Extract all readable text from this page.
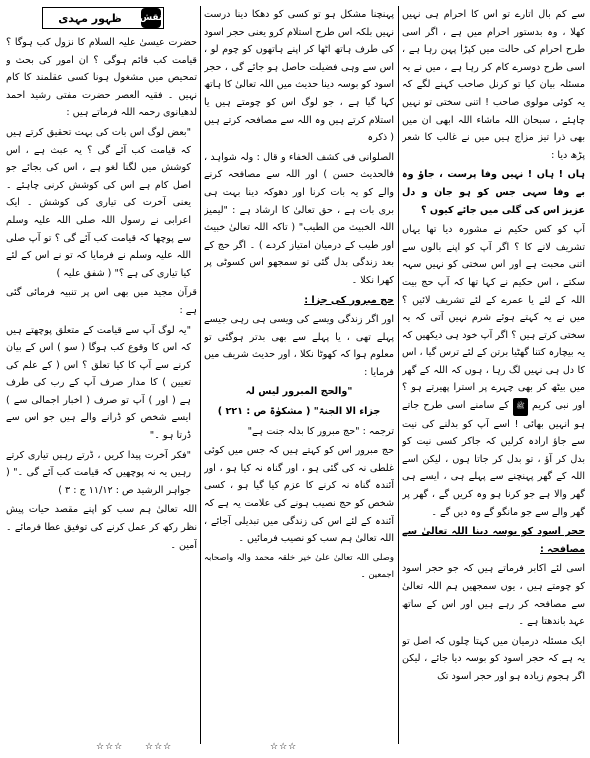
سے کم بال اتارے تو اس کا احرام ہی نہیں کھلا ، وہ بدستور احرام میں ہے ، اگر اسی طرح احرام کی حالت میں کپڑا پہن رہا ہے ، اسی طرح دوسرے کام کر رہا ہے ، میں نے یہ مسئلہ بیان کیا تو کرنل صاحب کہنے لگے کہ یہ کوئی مولوی صاحب ! اتنی سختی تو نہیں چاہئے ، سبحان اللہ ماشاء اللہ ابھی ان میں بھی ذرا تیز مزاج ہیں میں نے غالب کا شعر پڑھ دیا :

ہاں ! ہاں ! نہیں وفا پرست ، جاؤ وہ بے وفا سہی جس کو ہو جان و دل عزیز اس کی گلی میں جائے کیوں ؟

آپ کو کس حکیم نے مشورہ دیا تھا یہاں تشریف لانے کا ؟ اگر آپ کو اپنے بالوں سے اتنی محبت ہے اور اس سختی کو نہیں سہہ سکتے ، اس حکیم نے کہا تھا کہ آپ حج بیت اللہ کے لئے یا عمرے کے لئے تشریف لائیں ؟ میں نے یہ کہتے ہوئے شرم نہیں آتی کہ یہ سختی کرتے ہیں ؟ اگر آپ خود ہی دیکھیں کہ یہ بیچارہ کتنا گھٹیا برتن کے لئے ترس گیا ، اس کا دل ہی نہیں لگ رہا ، ہوں کہ اللہ کے گھر میں بیٹھ کر بھی چہرے پر استرا پھیرتے ہو ؟ اور نبی کریم ﷺ کے سامنے اسی طرح جاتے ہو انہیں بھائی ! اسے آپ کو بدلنے کی نیت سے جاؤ ارادہ کرلیں کہ جاکر کسی نیت کو بدل کر آؤ ، تو بدل کر جاتا ہوں ، لیکن اسے اللہ کے گھر پہنچنے سے پہلے ہی ، ایسے ہی گھر والا ہے جو کرنا ہو وہ کریں گے ، گھر پر گھر والے سے جو مانگو گے وہ دیں گے ۔

حجر اسود کو بوسہ دینا اللہ تعالیٰ سے مصافحہ :

اسی لئے اکابر فرماتے ہیں کہ جو حجر اسود کو چومتے ہیں ، یوں سمجھیں ہم اللہ تعالیٰ سے مصافحہ کر رہے ہیں اور اس کے ساتھ عہد باندھتا ہے ۔

ایک مسئلہ درمیان میں کہتا چلوں کہ اصل تو یہ ہے کہ حجر اسود کو بوسہ دیا جائے ، لیکن اگر ہجوم زیادہ ہو اور حجر اسود تک

پہنچنا مشکل ہو تو کسی کو دھکا دینا درست نہیں بلکہ اس طرح استلام کرو یعنی حجر اسود کی طرف ہاتھ اٹھا کر اپنے ہاتھوں کو چوم لو ، اس سے وہی فضیلت حاصل ہو جائے گی ، حجر اسود کو بوسہ دینا حدیث میں اللہ تعالیٰ کا ہاتھ کہا گیا ہے ، جو لوگ اس کو چومتے ہیں یا استلام کرتے ہیں وہ اللہ سے مصافحہ کرتے ہیں ( ذکرہ

الصلوانی فی کشف الخفاء و قال : ولہ شواہد ، فالحدیث حسن ) اور اللہ سے مصافحہ کرنے والے کو یہ بات کرنا اور دھوکہ دینا بہت ہی بری بات ہے ، حق تعالیٰ کا ارشاد ہے : "لیمیز اللہ الخبیث من الطیب" ( تاکہ اللہ تعالیٰ خبیث اور طیب کے درمیان امتیاز کردے ) ۔ اگر حج کے بعد زندگی بدل گئی تو سمجھو اس کسوٹی پر کھرا نکلا ۔

حج مبرور کی جزا :

اور اگر زندگی ویسے کی ویسی ہی رہی جیسے پہلے تھی ، یا پہلے سے بھی بدتر ہوگئی تو معلوم ہوا کہ کھوٹا نکلا ، اور حدیث شریف میں فرمایا :

"والحج المبرور لیس لہ

جزاء الا الجنۃ" ( مشکوٰۃ ص : ۲۲۱ )

ترجمہ : "حج مبرور کا بدلہ جنت ہے"

حج مبرور اس کو کہتے ہیں کہ جس میں کوئی غلطی نہ کی گئی ہو ، اور گناہ نہ کیا ہو ، اور آئندہ گناہ نہ کرنے کا عزم کیا گیا ہو ، کسی شخص کو حج نصیب ہونے کی علامت یہ ہے کہ آئندہ کے لئے اس کی زندگی میں تبدیلی آجائے ، اللہ تعالیٰ ہم سب کو نصیب فرمائیں ۔

وصلی اللہ تعالیٰ علیٰ خیر خلقہ محمد والہ واصحابہ اجمعین ۔

حضرت عیسیٰ علیہ السلام کا نزول کب ہوگا ؟ قیامت کب قائم ہوگی ؟ ان امور کی بحث و تمحیص میں مشغول ہونا کسی عقلمند کا کام نہیں ۔ فقیہ العصر حضرت مفتی رشید احمد لدھیانوی رحمہ اللہ فرماتے ہیں :

"بعض لوگ اس بات کی بہت تحقیق کرتے ہیں کہ قیامت کب آئے گی ؟ یہ عبث ہے ، اس کوشش میں لگنا لغو ہے ، اس کی بجائے جو اصل کام ہے اس کی کوشش کرنی چاہئے ۔ یعنی آخرت کی تیاری کی کوشش ۔ ایک اعرابی نے رسول اللہ صلی اللہ علیہ وسلم سے پوچھا کہ قیامت کب آئے گی ؟ تو آپ صلی اللہ علیہ وسلم نے فرمایا کہ تو نے اس کے لئے کیا تیاری کی ہے ؟" ( شفق علیہ )

قرآن مجید میں بھی اس پر تنبیہ فرمائی گئی ہے :

"یہ لوگ آپ سے قیامت کے متعلق پوچھتے ہیں کہ اس کا وقوع کب ہوگا ( سو ) اس کے بیان کرنے سے آپ کا کیا تعلق ؟ اس ( کے علم کی تعیین ) کا مدار صرف آپ کے رب کی طرف ہے ( اور ) آپ تو صرف ( اخبار اجمالی سے ) ایسے شخص کو ڈرانے والے ہیں جو اس سے ڈرتا ہو ۔"

"فکر آخرت پیدا کریں ، ڈرتے رہیں تیاری کرتے رہیں یہ نہ پوچھیں کہ قیامت کب آئے گی ۔" ( جواہر الرشید ص : ۱۱/۱۲ ج : ۳ )

اللہ تعالیٰ ہم سب کو اپنے مقصد حیات پیش نظر رکھ کر عمل کرنے کی توفیق عطا فرمائے ۔ آمین ۔

نقش
ظہور مہدی
☆☆☆
☆☆☆ ☆☆☆
